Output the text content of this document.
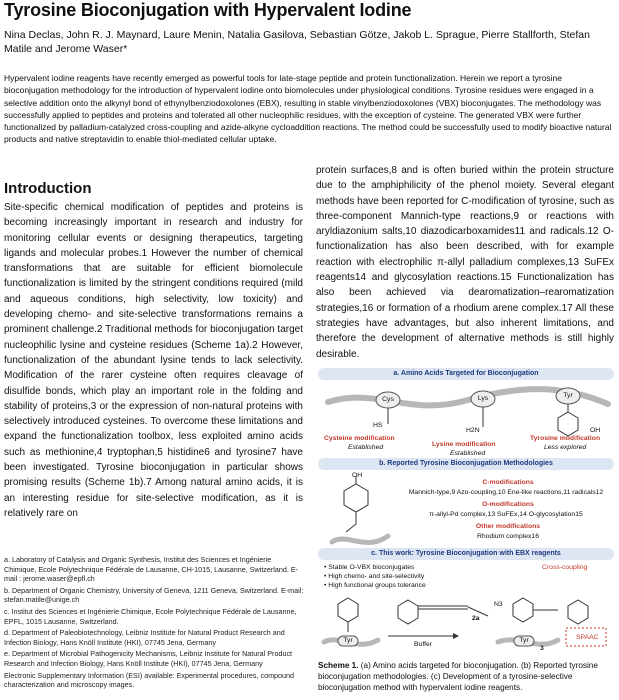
Tyrosine Bioconjugation with Hypervalent Iodine
Nina Declas, John R. J. Maynard, Laure Menin, Natalia Gasilova, Sebastian Götze, Jakob L. Sprague, Pierre Stallforth, Stefan
Matile and Jerome Waser*
Hypervalent iodine reagents have recently emerged as powerful tools for late-stage peptide and protein functionalization. Herein we report a tyrosine bioconjugation methodology for the introduction of hypervalent iodine onto biomolecules under physiological conditions. Tyrosine residues were engaged in a selective addition onto the alkynyl bond of ethynylbenziodoxolones (EBX), resulting in stable vinylbenziodoxolones (VBX) bioconjugates. The methodology was successfully applied to peptides and proteins and tolerated all other nucleophilic residues, with the exception of cysteine. The generated VBX were further functionalized by palladium-catalyzed cross-coupling and azide-alkyne cycloaddition reactions. The method could be successfully used to modify bioactive natural products and native streptavidin to enable thiol-mediated cellular uptake.
Introduction
Site-specific chemical modification of peptides and proteins is becoming increasingly important in research and industry for monitoring cellular events or designing therapeutics, targeting ligands and molecular probes.1 However the number of chemical transformations that are suitable for efficient biomolecule functionalization is limited by the stringent conditions required (mild and aqueous conditions, high selectivity, low toxicity) and developing chemo- and site-selective transformations remains a prominent challenge.2 Traditional methods for bioconjugation target nucleophilic lysine and cysteine residues (Scheme 1a).2 However, functionalization of the abundant lysine tends to lack selectivity. Modification of the rarer cysteine often requires cleavage of disulfide bonds, which play an important role in the folding and stability of proteins,3 or the expression of non-natural proteins with selectively introduced cysteines. To overcome these limitations and expand the functionalization toolbox, less exploited amino acids such as methionine,4 tryptophan,5 histidine6 and tyrosine7 have been investigated. Tyrosine bioconjugation in particular shows promising results (Scheme 1b).7 Among natural amino acids, it is an interesting residue for site-selective modification, as it is relatively rare on
protein surfaces,8 and is often buried within the protein structure due to the amphiphilicity of the phenol moiety. Several elegant methods have been reported for C-modification of tyrosine, such as three-component Mannich-type reactions,9 or reactions with aryldiazonium salts,10 diazodicarboxamides11 and radicals.12 O-functionalization has also been described, with for example reaction with electrophilic π-allyl palladium complexes,13 SuFEx reagents14 and glycosylation reactions.15 Functionalization has also been achieved via dearomatization–rearomatization strategies,16 or formation of a rhodium arene complex.17 All these strategies have advantages, but also inherent limitations, and therefore the development of alternative methods is still highly desirable.
a. Laboratory of Catalysis and Organic Synthesis, Institut des Sciences et Ingénierie Chimique, Ecole Polytechnique Fédérale de Lausanne, CH-1015, Lausanne, Switzerland. E-mail : jerome.waser@epfl.ch
b. Department of Organic Chemistry, University of Geneva, 1211 Geneva, Switzerland. E-mail: stefan.matile@unige.ch
c. Institut des Sciences et Ingénierie Chimique, Ecole Polytechnique Fédérale de Lausanne, EPFL, 1015 Lausanne, Switzerland.
d. Department of Paleobiotechnology, Leibniz Institute for Natural Product Research and Infection Biology, Hans Knöll Institute (HKI), 07745 Jena, Germany
e. Department of Microbial Pathogenicity Mechanisms, Leibniz Institute for Natural Product Research and Infection Biology, Hans Knöll Institute (HKI), 07745 Jena, Germany
Electronic Supplementary Information (ESI) available: Experimental procedures, compound characterization and microscopy images.
a. Amino Acids Targeted for Bioconjugation
Cys	Lys	Tyr
HS
H2N	OH
Cysteine modification
Established	Lysine modification
Established
Tyrosine modification
Less explored
b. Reported Tyrosine Bioconjugation Methodologies
OH
C-modifications
Mannich-type,9 Azo-coupling,10 Ene-like reactions,11 radicals12
O-modifications
π-allyl-Pd complex,13 SuFEx,14 O-glycosylation15
Other modifications
Rhodium complex16
c. This work: Tyrosine Bioconjugation with EBX reagents
• Stable O-VBX bioconjugates
• High chemo- and site-selectivity
• High functional groups tolerance
Cross-coupling
Tyr	Tyr
2a
Buffer
3
N3
SPAAC
Scheme 1. (a) Amino acids targeted for bioconjugation. (b) Reported tyrosine bioconjugation methodologies. (c) Development of a tyrosine-selective bioconjugation method with hypervalent iodine reagents.
